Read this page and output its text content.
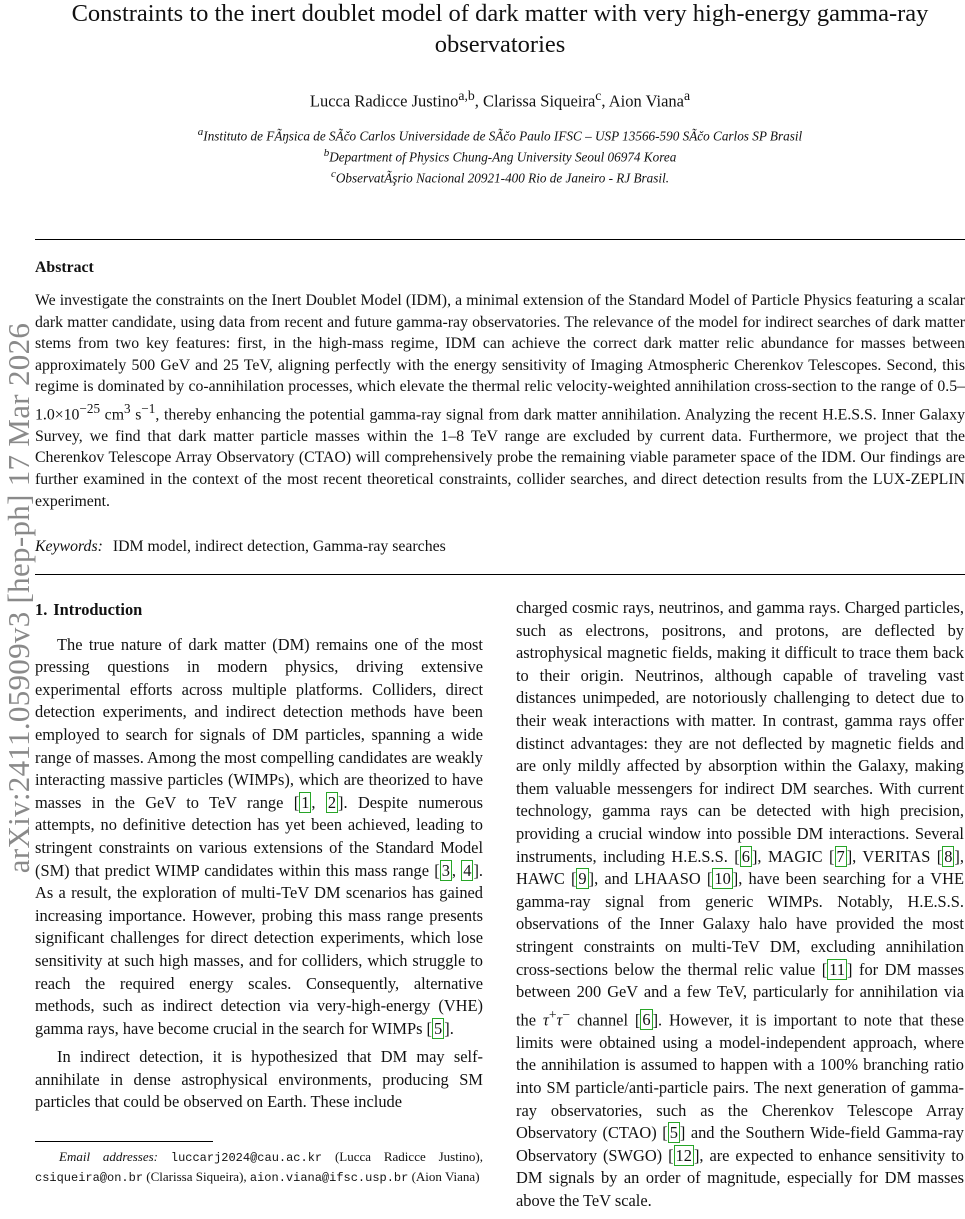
arXiv:2411.05909v3 [hep-ph] 17 Mar 2026
Constraints to the inert doublet model of dark matter with very high-energy gamma-ray observatories
Lucca Radicce Justino$^{a,b}$, Clarissa Siqueira$^c$, Aion Viana$^a$
$^a$Instituto de FÃŋsica de SÃčo Carlos Universidade de SÃčo Paulo IFSC – USP 13566-590 SÃčo Carlos SP Brasil
$^b$Department of Physics Chung-Ang University Seoul 06974 Korea
$^c$ObservatÃşrio Nacional 20921-400 Rio de Janeiro - RJ Brasil.
Abstract
We investigate the constraints on the Inert Doublet Model (IDM), a minimal extension of the Standard Model of Particle Physics featuring a scalar dark matter candidate, using data from recent and future gamma-ray observatories. The relevance of the model for indirect searches of dark matter stems from two key features: first, in the high-mass regime, IDM can achieve the correct dark matter relic abundance for masses between approximately 500 GeV and 25 TeV, aligning perfectly with the energy sensitivity of Imaging Atmospheric Cherenkov Telescopes. Second, this regime is dominated by co-annihilation processes, which elevate the thermal relic velocity-weighted annihilation cross-section to the range of $0.5-1.0\times 10^{-25}$ $cm^3$ $s^{-1}$, thereby enhancing the potential gamma-ray signal from dark matter annihilation. Analyzing the recent H.E.S.S. Inner Galaxy Survey, we find that dark matter particle masses within the 1–8 TeV range are excluded by current data. Furthermore, we project that the Cherenkov Telescope Array Observatory (CTAO) will comprehensively probe the remaining viable parameter space of the IDM. Our findings are further examined in the context of the most recent theoretical constraints, collider searches, and direct detection results from the LUX-ZEPLIN experiment.
Keywords: IDM model, indirect detection, Gamma-ray searches
1. Introduction

The true nature of dark matter (DM) remains one of the most pressing questions in modern physics, driving extensive experimental efforts across multiple platforms. Colliders, direct detection experiments, and indirect detection methods have been employed to search for signals of DM particles, spanning a wide range of masses. Among the most compelling candidates are weakly interacting massive particles (WIMPs), which are theorized to have masses in the GeV to TeV range [ 1 , 2 ]. Despite numerous attempts, no definitive detection has yet been achieved, leading to stringent constraints on various extensions of the Standard Model (SM) that predict WIMP candidates within this mass range [ 3 , 4 ]. As a result, the exploration of multi-TeV DM scenarios has gained increasing importance. However, probing this mass range presents significant challenges for direct detection experiments, which lose sensitivity at such high masses, and for colliders, which struggle to reach the required energy scales. Consequently, alternative methods, such as indirect detection via very-high-energy (VHE) gamma rays, have become crucial in the search for WIMPs [ 5 ].

In indirect detection, it is hypothesized that DM may self-annihilate in dense astrophysical environments, producing SM particles that could be observed on Earth. These include

charged cosmic rays, neutrinos, and gamma rays. Charged particles, such as electrons, positrons, and protons, are deflected by astrophysical magnetic fields, making it difficult to trace them back to their origin. Neutrinos, although capable of traveling vast distances unimpeded, are notoriously challenging to detect due to their weak interactions with matter. In contrast, gamma rays offer distinct advantages: they are not deflected by magnetic fields and are only mildly affected by absorption within the Galaxy, making them valuable messengers for indirect DM searches. With current technology, gamma rays can be detected with high precision, providing a crucial window into possible DM interactions. Several instruments, including H.E.S.S. [ 6 ], MAGIC [ 7 ], VERITAS [ 8 ], HAWC [ 9 ], and LHAASO [ 10 ], have been searching for a VHE gamma-ray signal from generic WIMPs. Notably, H.E.S.S. observations of the Inner Galaxy halo have provided the most stringent constraints on multi-TeV DM, excluding annihilation cross-sections below the thermal relic value [ 11 ] for DM masses between 200 GeV and a few TeV, particularly for annihilation via the τ+τ− channel [ 6 ]. However, it is important to note that these limits were obtained using a model-independent approach, where the annihilation is assumed to happen with a 100% branching ratio into SM particle/anti-particle pairs. The next generation of gamma-ray observatories, such as the Cherenkov Telescope Array Observatory (CTAO) [ 5 ] and the Southern Wide-field Gamma-ray Observatory (SWGO) [ 12 ], are expected to enhance sensitivity to DM signals by an order of magnitude, especially for DM masses above the TeV scale.

Email addresses: luccarj2024@cau.ac.kr (Lucca Radicce Justino), csiqueira@on.br (Clarissa Siqueira), aion.viana@ifsc.usp.br (Aion Viana)
